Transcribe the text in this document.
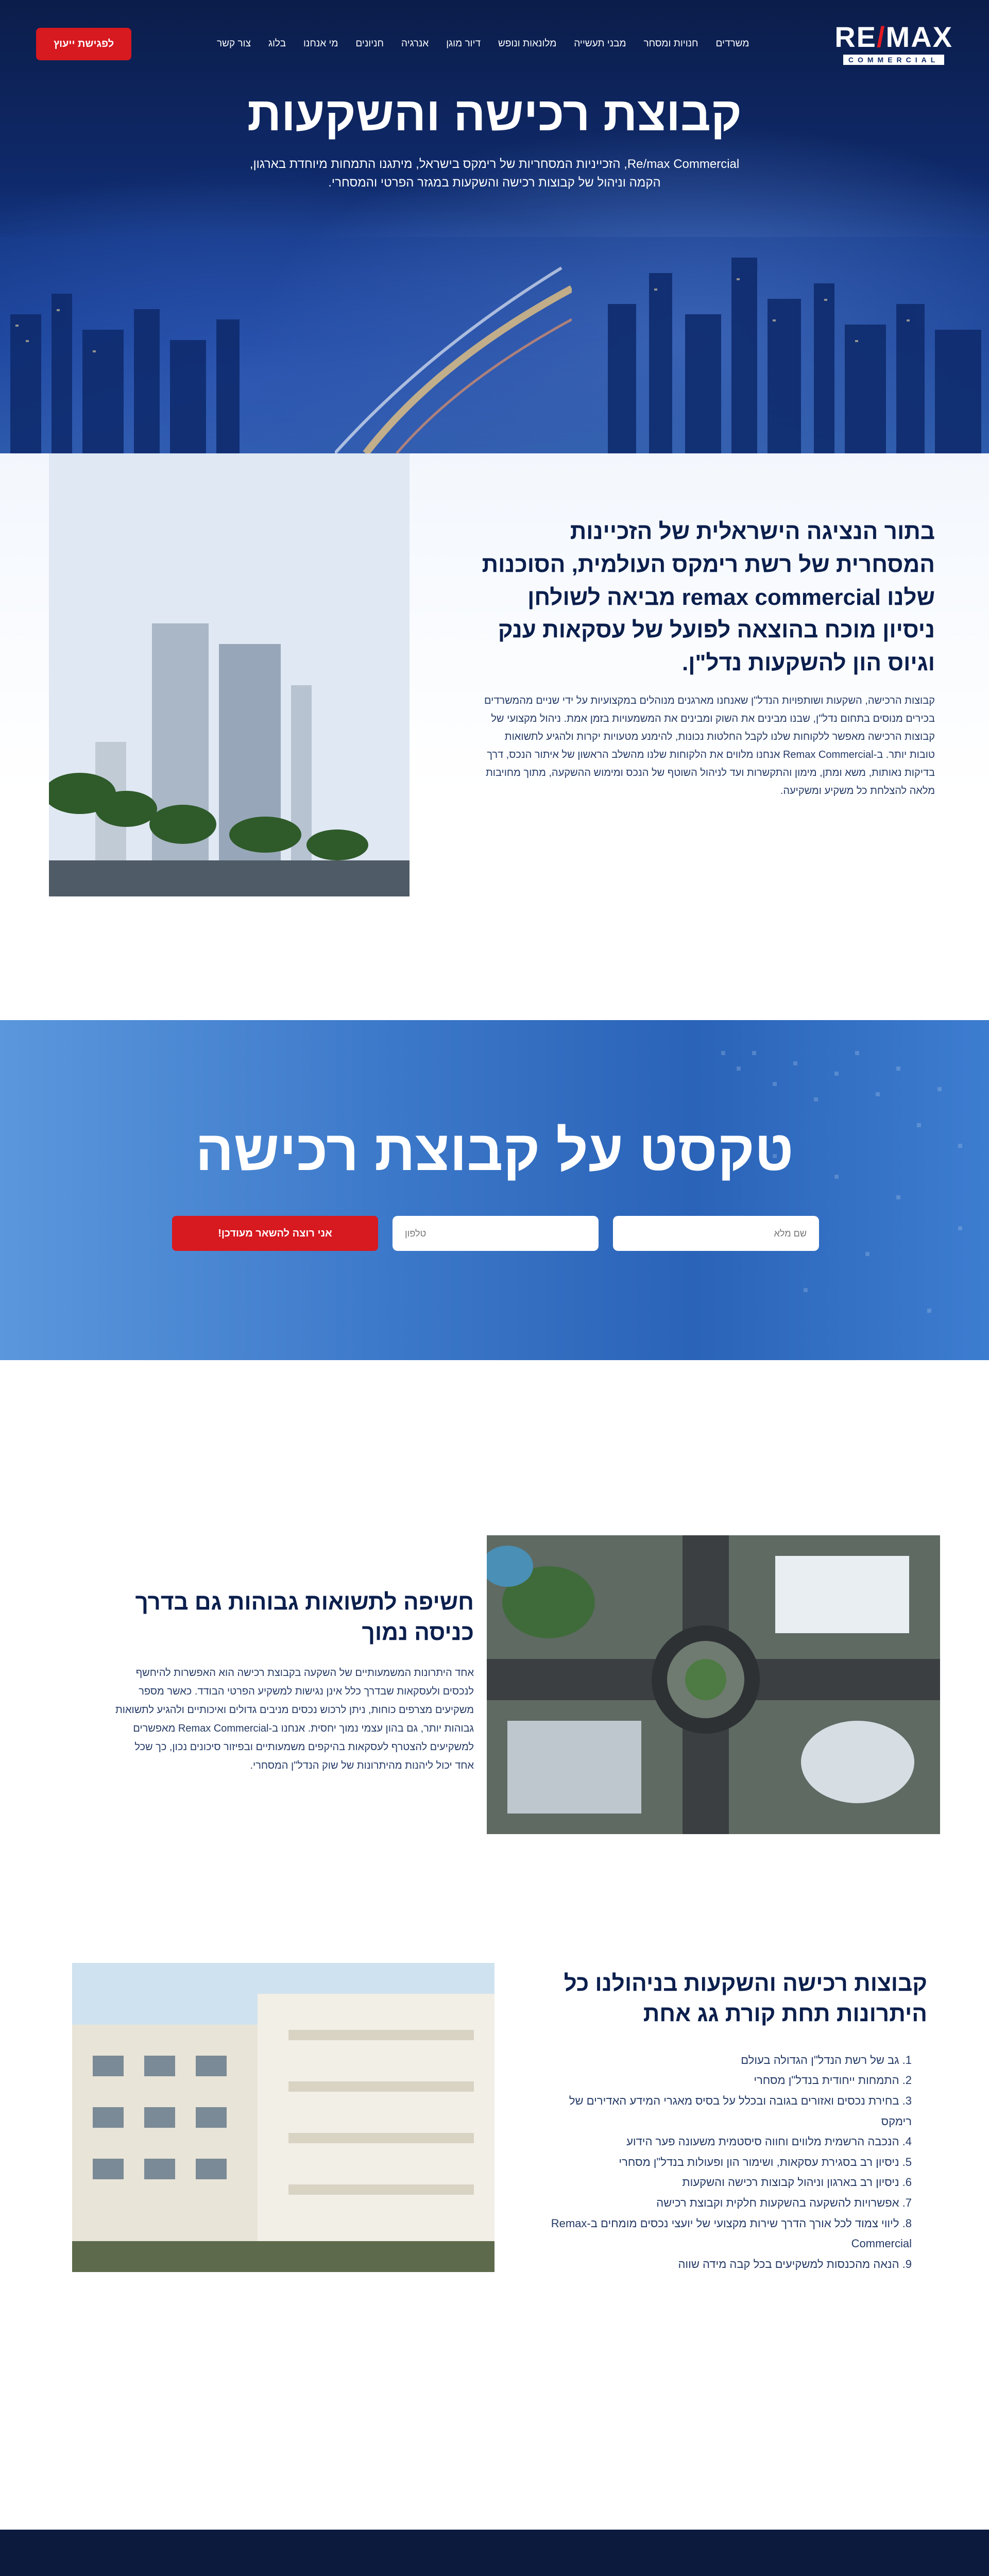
RE/MAX
COMMERCIAL
משרדים
חנויות ומסחר
מבני תעשייה
מלונאות ונופש
דיור מוגן
אנרגיה
חניונים
מי אנחנו
בלוג
צור קשר
לפגישת ייעוץ
קבוצת רכישה והשקעות

Re/max Commercial, הזכייניות המסחריות של רימקס בישראל, מיתגנו התמחות מיוחדת בארגון, הקמה וניהול של קבוצות רכישה והשקעות במגזר הפרטי והמסחרי.

בתור הנציגה הישראלית של הזכיינות המסחרית של רשת רימקס העולמית, הסוכנות שלנו remax commercial מביאה לשולחן ניסיון מוכח בהוצאה לפועל של עסקאות ענק וגיוס הון להשקעות נדל"ן.

קבוצות הרכישה, השקעות ושותפויות הנדל"ן שאנחנו מארגנים מנוהלים במקצועיות על ידי שניים מהמשרדים בכירים מנוסים בתחום נדל"ן, שבנו מבינים את השוק ומבינים את המשמעויות בזמן אמת. ניהול מקצועי של קבוצות הרכישה מאפשר ללקוחות שלנו לקבל החלטות נכונות, להימנע מטעויות יקרות ולהגיע לתשואות טובות יותר. ב-Remax Commercial אנחנו מלווים את הלקוחות שלנו מהשלב הראשון של איתור הנכס, דרך בדיקות נאותות, משא ומתן, מימון והתקשרות ועד לניהול השוטף של הנכס ומימוש ההשקעה, מתוך מחויבות מלאה להצלחת כל משקיע ומשקיעה.

טקסט על קבוצת רכישה
שם מלא
טלפון
אני רוצה להשאר מעודכן!
חשיפה לתשואות גבוהות גם בדרך כניסה נמוך

אחד היתרונות המשמעותיים של השקעה בקבוצת רכישה הוא האפשרות להיחשף לנכסים ולעסקאות שבדרך כלל אינן נגישות למשקיע הפרטי הבודד. כאשר מספר משקיעים מצרפים כוחות, ניתן לרכוש נכסים מניבים גדולים ואיכותיים ולהגיע לתשואות גבוהות יותר, גם בהון עצמי נמוך יחסית. אנחנו ב-Remax Commercial מאפשרים למשקיעים להצטרף לעסקאות בהיקפים משמעותיים ובפיזור סיכונים נכון, כך שכל אחד יכול ליהנות מהיתרונות של שוק הנדל"ן המסחרי.

קבוצות רכישה והשקעות בניהולנו כל היתרונות תחת קורת גג אחת
1. גב של רשת הנדל"ן הגדולה בעולם
2. התמחות ייחודית בנדל"ן מסחרי
3. בחירת נכסים ואזורים בגובה ובכלל על בסיס מאגרי המידע האדירים של רימקס
4. הנכבה הרשמית מלווים וחווה סיסטמית משעונה פער הידוע
5. ניסיון רב בסגירת עסקאות, ושימור הון ופעולות בנדל"ן מסחרי
6. ניסיון רב בארגון וניהול קבוצות רכישה והשקעות
7. אפשרויות להשקעה בהשקעות חלקית וקבוצת רכישה
8. ליווי צמוד לכל אורך הדרך שירות מקצועי של יועצי נכסים מומחים ב-Remax Commercial
9. הנאה מהכנסות למשקיעים בכל קבה מידה שווה
